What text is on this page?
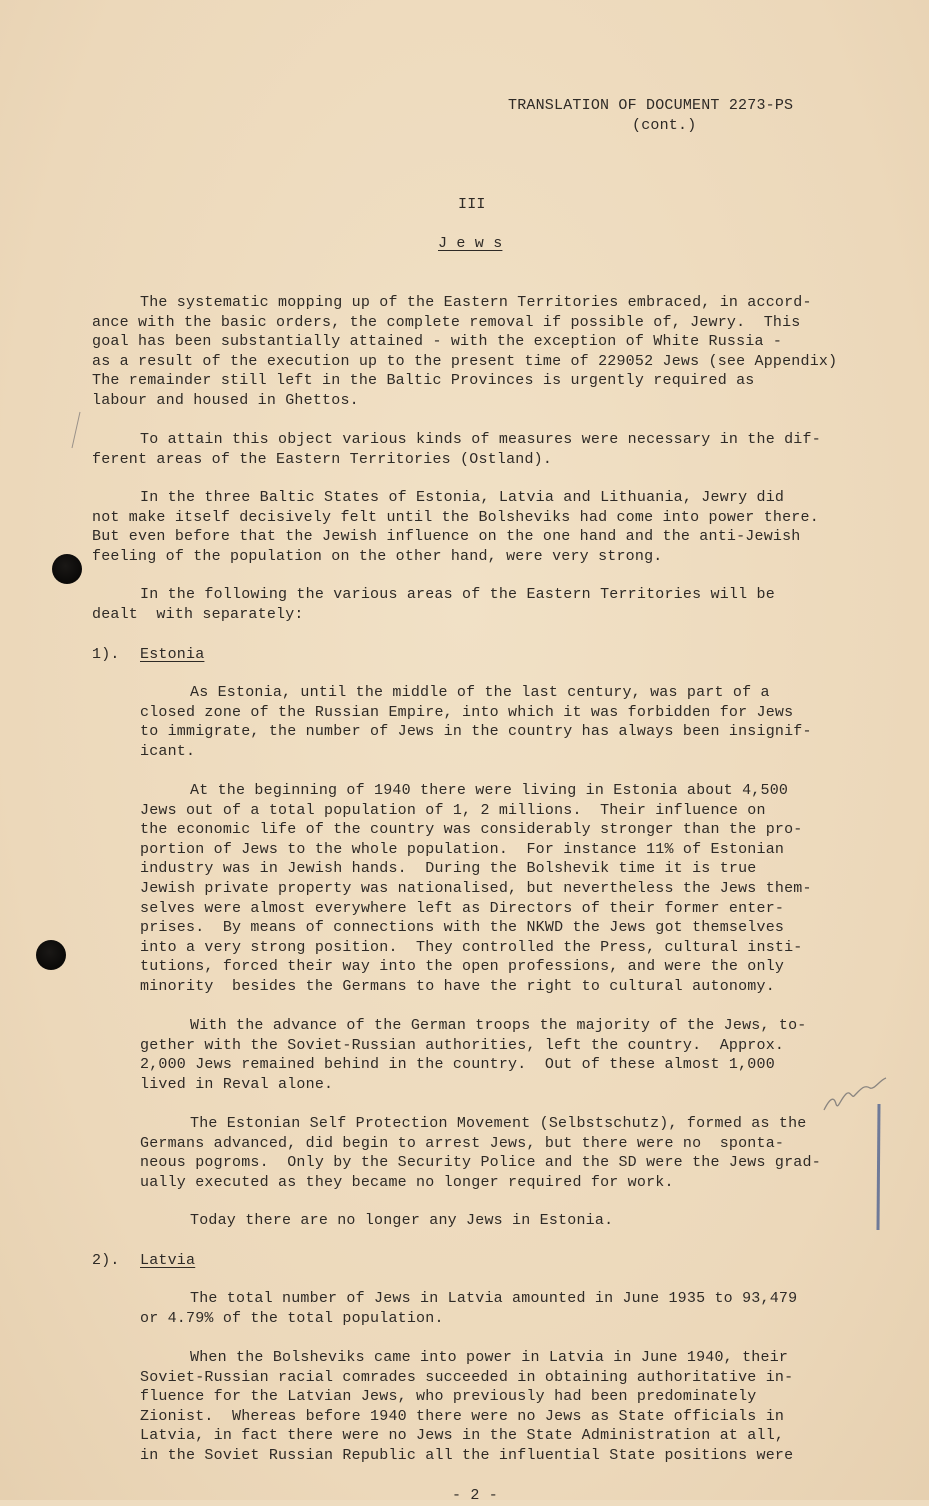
TRANSLATION OF DOCUMENT 2273-PS
(cont.)
III
J e w s
The systematic mopping up of the Eastern Territories embraced, in accord-
ance with the basic orders, the complete removal if possible of, Jewry.  This
goal has been substantially attained - with the exception of White Russia -
as a result of the execution up to the present time of 229052 Jews (see Appendix)
The remainder still left in the Baltic Provinces is urgently required as
labour and housed in Ghettos.
To attain this object various kinds of measures were necessary in the dif-
ferent areas of the Eastern Territories (Ostland).
In the three Baltic States of Estonia, Latvia and Lithuania, Jewry did
not make itself decisively felt until the Bolsheviks had come into power there.
But even before that the Jewish influence on the one hand and the anti-Jewish
feeling of the population on the other hand, were very strong.
In the following the various areas of the Eastern Territories will be
dealt  with separately:
1). Estonia
As Estonia, until the middle of the last century, was part of a
closed zone of the Russian Empire, into which it was forbidden for Jews
to immigrate, the number of Jews in the country has always been insignif-
icant.
At the beginning of 1940 there were living in Estonia about 4,500
Jews out of a total population of 1, 2 millions.  Their influence on
the economic life of the country was considerably stronger than the pro-
portion of Jews to the whole population.  For instance 11% of Estonian
industry was in Jewish hands.  During the Bolshevik time it is true
Jewish private property was nationalised, but nevertheless the Jews them-
selves were almost everywhere left as Directors of their former enter-
prises.  By means of connections with the NKWD the Jews got themselves
into a very strong position.  They controlled the Press, cultural insti-
tutions, forced their way into the open professions, and were the only
minority  besides the Germans to have the right to cultural autonomy.
With the advance of the German troops the majority of the Jews, to-
gether with the Soviet-Russian authorities, left the country.  Approx.
2,000 Jews remained behind in the country.  Out of these almost 1,000
lived in Reval alone.
The Estonian Self Protection Movement (Selbstschutz), formed as the
Germans advanced, did begin to arrest Jews, but there were no  sponta-
neous pogroms.  Only by the Security Police and the SD were the Jews grad-
ually executed as they became no longer required for work.
Today there are no longer any Jews in Estonia.
2). Latvia
The total number of Jews in Latvia amounted in June 1935 to 93,479
or 4.79% of the total population.
When the Bolsheviks came into power in Latvia in June 1940, their
Soviet-Russian racial comrades succeeded in obtaining authoritative in-
fluence for the Latvian Jews, who previously had been predominately
Zionist.  Whereas before 1940 there were no Jews as State officials in
Latvia, in fact there were no Jews in the State Administration at all,
in the Soviet Russian Republic all the influential State positions were
- 2 -
